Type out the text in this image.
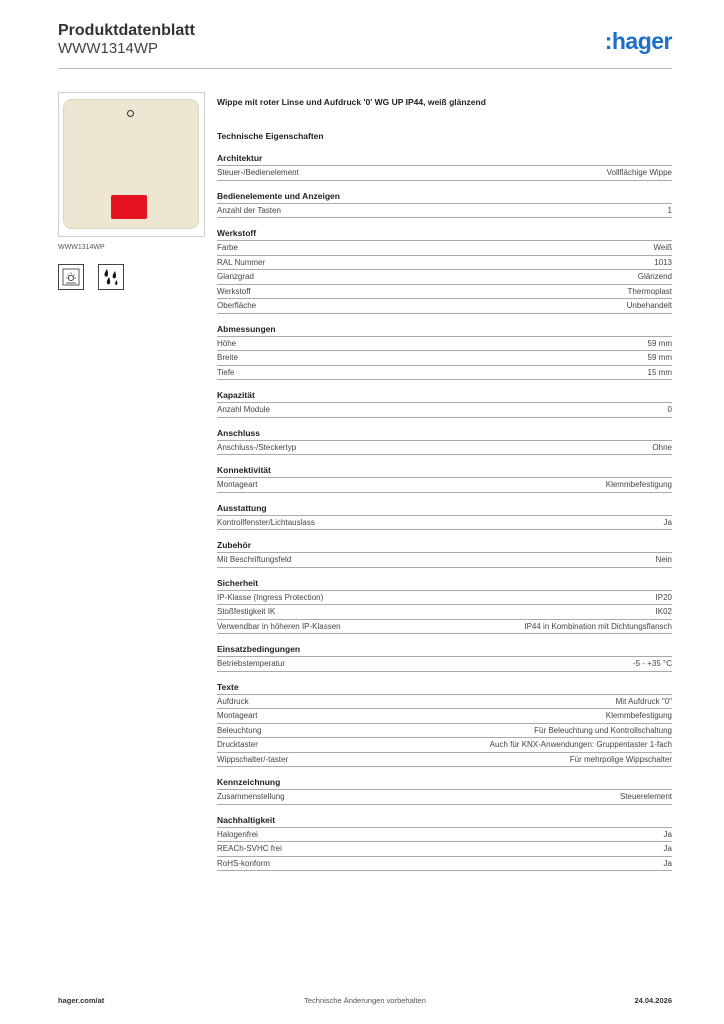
Produktdatenblatt
WWW1314WP	:hager
WWW1314WP
Wippe mit roter Linse und Aufdruck '0' WG UP IP44, weiß glänzend
Technische Eigenschaften
Architektur
Steuer-/Bedienelement	Vollflächige Wippe
Bedienelemente und Anzeigen
Anzahl der Tasten	1
Werkstoff
Farbe	Weiß
RAL Nummer	1013
Glanzgrad	Glänzend
Werkstoff	Thermoplast
Oberfläche	Unbehandelt
Abmessungen
Höhe	59 mm
Breite	59 mm
Tiefe	15 mm
Kapazität
Anzahl Module	0
Anschluss
Anschluss-/Steckertyp	Ohne
Konnektivität
Montageart	Klemmbefestigung
Ausstattung
Kontrollfenster/Lichtauslass	Ja
Zubehör
Mit Beschriftungsfeld	Nein
Sicherheit
IP-Klasse (Ingress Protection)	IP20
Stoßfestigkeit IK	IK02
Verwendbar in höheren IP-Klassen	IP44 in Kombination mit Dichtungsflansch
Einsatzbedingungen
Betriebstemperatur	-5 - +35 °C
Texte
Aufdruck	Mit Aufdruck "0"
Montageart	Klemmbefestigung
Beleuchtung	Für Beleuchtung und Kontrollschaltung
Drucktaster	Auch für KNX-Anwendungen: Gruppentaster 1-fach
Wippschalter/-taster	Für mehrpolige Wippschalter
Kennzeichnung
Zusammenstellung	Steuerelement
Nachhaltigkeit
Halogenfrei	Ja
REACh-SVHC frei	Ja
RoHS-konform	Ja
hager.com/at	Technische Änderungen vorbehalten	24.04.2026
